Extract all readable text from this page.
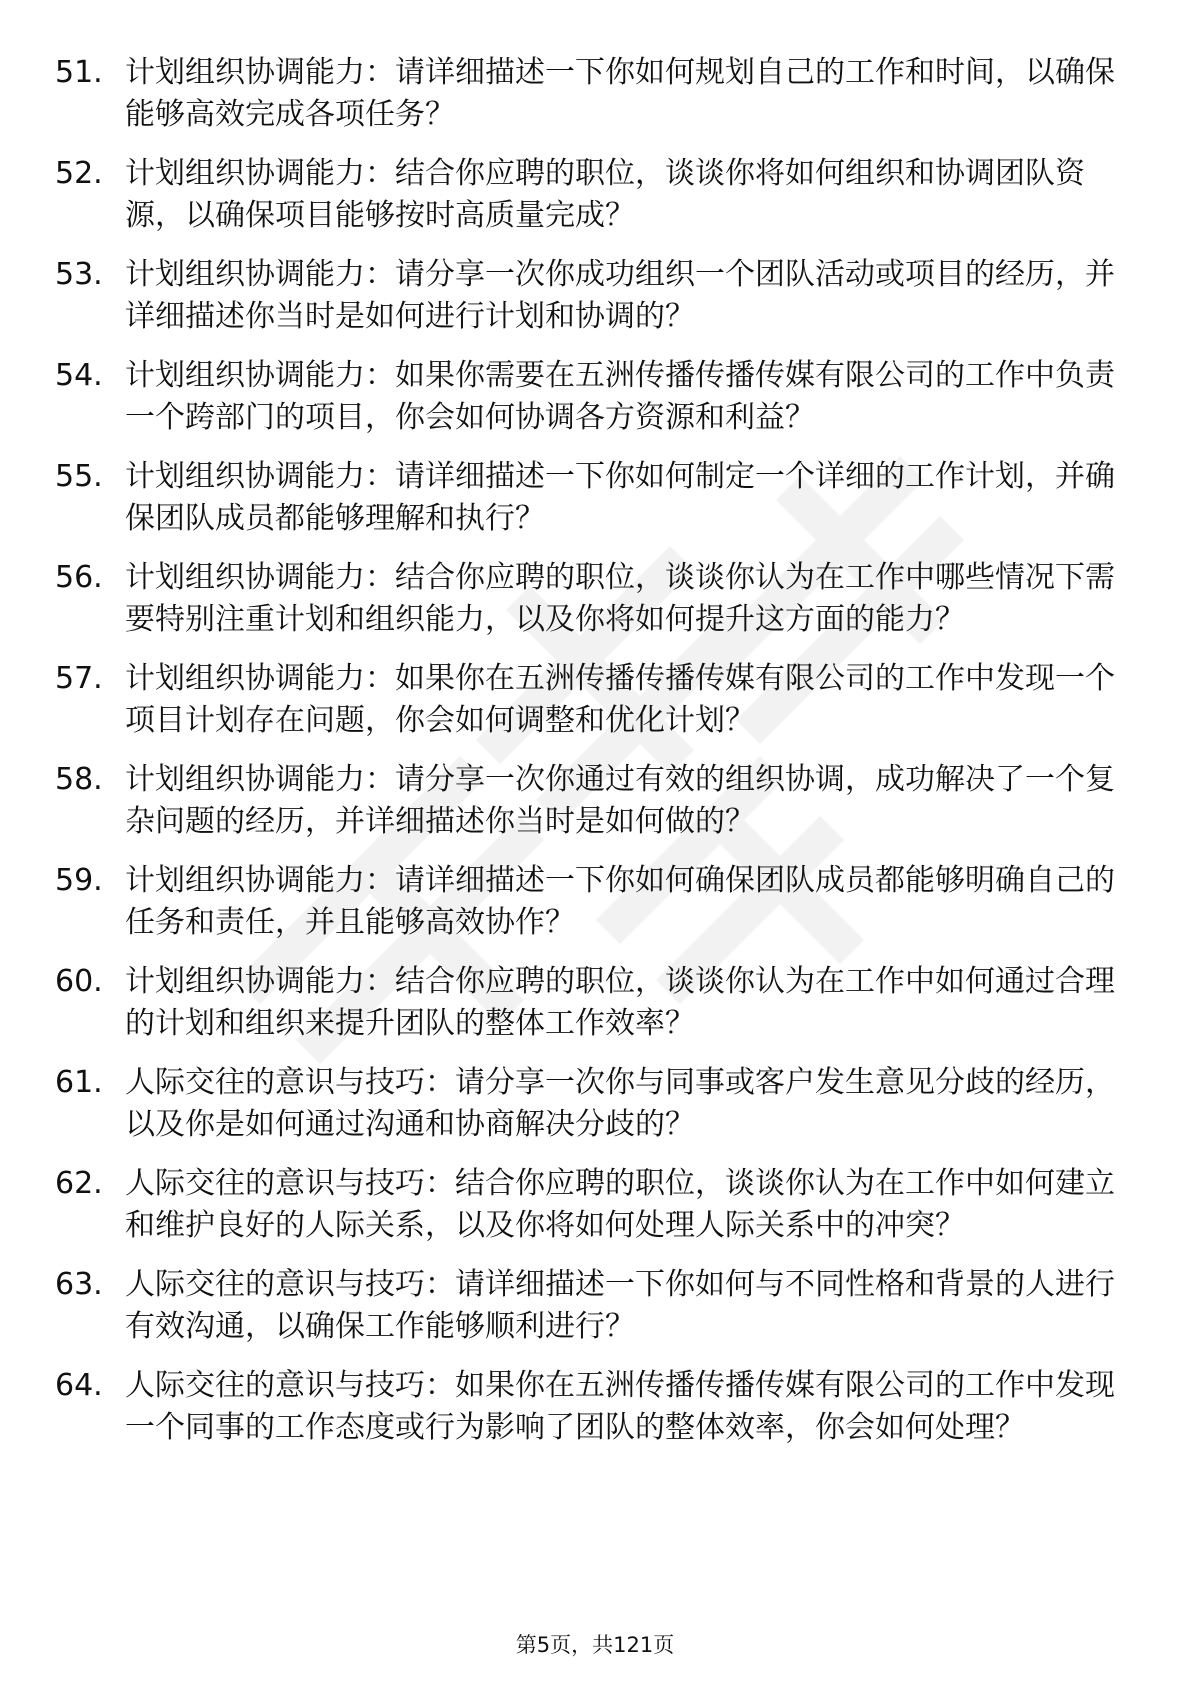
51. 计划组织协调能力：请详细描述一下你如何规划自己的工作和时间，以确保能够高效完成各项任务？
52. 计划组织协调能力：结合你应聘的职位，谈谈你将如何组织和协调团队资源，以确保项目能够按时高质量完成？
53. 计划组织协调能力：请分享一次你成功组织一个团队活动或项目的经历，并详细描述你当时是如何进行计划和协调的？
54. 计划组织协调能力：如果你需要在五洲传播传播传媒有限公司的工作中负责一个跨部门的项目，你会如何协调各方资源和利益？
55. 计划组织协调能力：请详细描述一下你如何制定一个详细的工作计划，并确保团队成员都能够理解和执行？
56. 计划组织协调能力：结合你应聘的职位，谈谈你认为在工作中哪些情况下需要特别注重计划和组织能力，以及你将如何提升这方面的能力？
57. 计划组织协调能力：如果你在五洲传播传播传媒有限公司的工作中发现一个项目计划存在问题，你会如何调整和优化计划？
58. 计划组织协调能力：请分享一次你通过有效的组织协调，成功解决了一个复杂问题的经历，并详细描述你当时是如何做的？
59. 计划组织协调能力：请详细描述一下你如何确保团队成员都能够明确自己的任务和责任，并且能够高效协作？
60. 计划组织协调能力：结合你应聘的职位，谈谈你认为在工作中如何通过合理的计划和组织来提升团队的整体工作效率？
61. 人际交往的意识与技巧：请分享一次你与同事或客户发生意见分歧的经历，以及你是如何通过沟通和协商解决分歧的？
62. 人际交往的意识与技巧：结合你应聘的职位，谈谈你认为在工作中如何建立和维护良好的人际关系，以及你将如何处理人际关系中的冲突？
63. 人际交往的意识与技巧：请详细描述一下你如何与不同性格和背景的人进行有效沟通，以确保工作能够顺利进行？
64. 人际交往的意识与技巧：如果你在五洲传播传播传媒有限公司的工作中发现一个同事的工作态度或行为影响了团队的整体效率，你会如何处理？
第5页，共121页
